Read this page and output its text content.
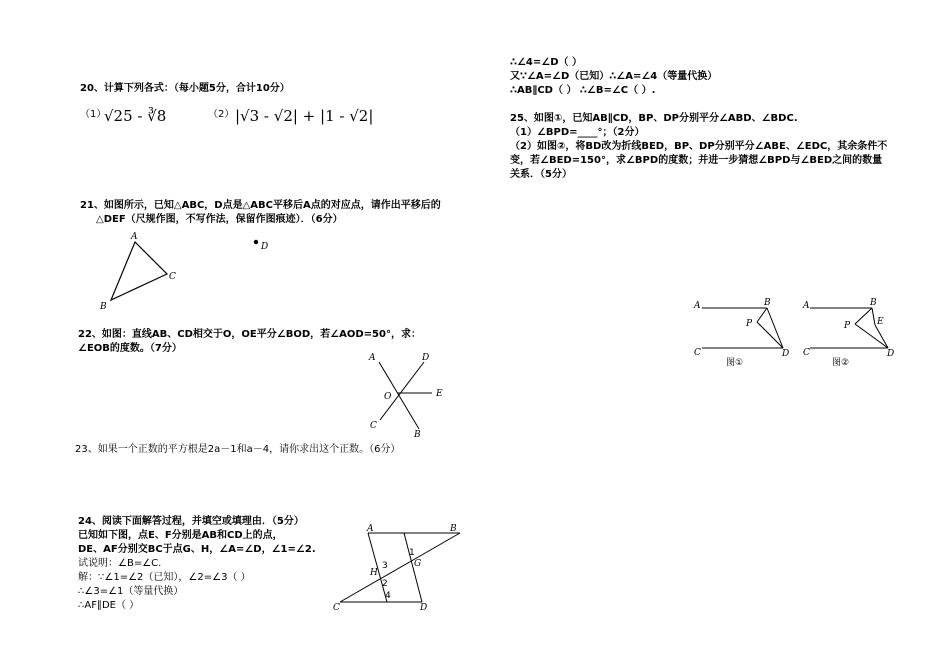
20、计算下列各式：（每小题5分，合计10分）
（1）
√25 - ∛8	（2） |√3 - √2| + |1 - √2|
21、如图所示，已知△ABC，D点是△ABC平移后A点的对应点，请作出平移后的
△DEF（尺规作图，不写作法，保留作图痕迹）．（6分）
A
C
B
D
22、如图：直线AB、CD相交于O，OE平分∠BOD，若∠AOD=50°，求：
∠EOB的度数。（7分）
A	D
E
O
C
B
23、如果一个正数的平方根是2a－1和a－4，请你求出这个正数。（6分）
24、阅读下面解答过程，并填空或填理由．（5分）
已知如下图，点E、F分别是AB和CD上的点，
DE、AF分别交BC于点G、H，∠A=∠D，∠1=∠2.
试说明：∠B=∠C.
解：∵∠1=∠2（已知），∠2=∠3（ ）
∴∠3=∠1（等量代换）
∴AF∥DE（ ）
A	B
C	D
H
G
1
2
3
4
∴∠4=∠D（ ）
又∵∠A=∠D（已知）∴∠A=∠4（等量代换）
∴AB∥CD（ ） ∴∠B=∠C（ ）.
25、如图①，已知AB∥CD，BP、DP分别平分∠ABD、∠BDC.
（1）∠BPD=____°；（2分）
（2）如图②，将BD改为折线BED，BP、DP分别平分∠ABE、∠EDC，其余条件不
变，若∠BED=150°，求∠BPD的度数；并进一步猜想∠BPD与∠BED之间的数量
关系．（5分）
A	B
P
C	D
图①
A	B
E
P
C	D
图②
